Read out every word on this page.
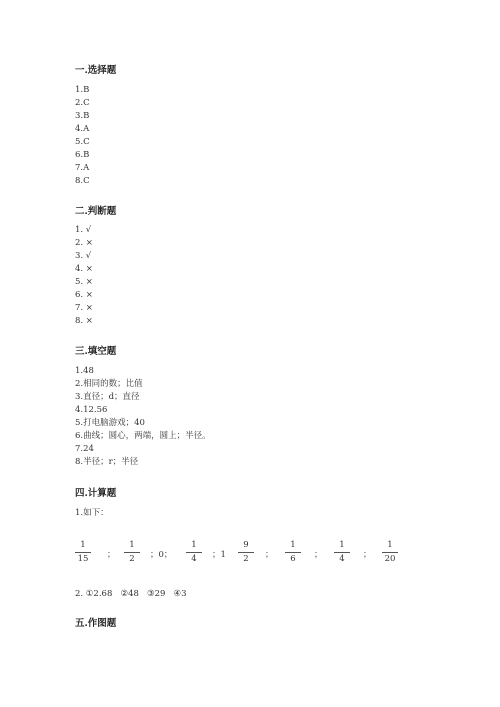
一.选择题
1.B
2.C
3.B
4.A
5.C
6.B
7.A
8.C
二.判断题
1. √
2. ×
3. √
4. ×
5. ×
6. ×
7. ×
8. ×
三.填空题
1.48
2.相同的数；比值
3.直径；d；直径
4.12.56
5.打电脑游戏；40
6.曲线；圆心，两端，圆上；半径。
7.24
8.半径；r；半径
四.计算题
1.如下：
1
15	；
1
2	；0；
1
4	；1
9
2	；
1
6	；
1
4	；
1
20
2. ①2.68   ②48   ③29   ④3
五.作图题
